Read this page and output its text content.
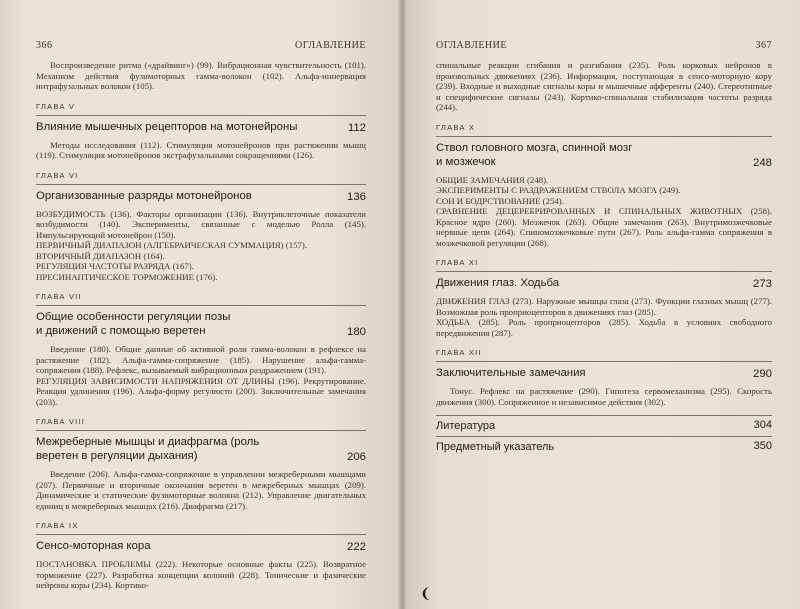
366	ОГЛАВЛЕНИЕ
Воспроизведение ритма («драйвинг») (99). Вибрационная чувствительность (101). Механизм действия фузимоторных гамма-волокон (102). Альфа-иннервация интрафузальных волокон (105).
ГЛАВА V
Влияние мышечных рецепторов на мотонейроны	112
Методы исследования (112). Стимуляция мотонейронов при растяжении мышц (119). Стимуляция мотонейронов экстрафузальными сокращениями (126).
ГЛАВА VI
Организованные разряды мотонейронов	136
ВОЗБУДИМОСТЬ (136). Факторы организации (136). Внутриклеточные показатели возбудимости (140). Эксперименты, связанные с моделью Ролла (145). Импульсирующий мотонейрон (150).
ПЕРВИЧНЫЙ ДИАПАЗОН (АЛГЕБРАИЧЕСКАЯ СУММАЦИЯ) (157).
ВТОРИЧНЫЙ ДИАПАЗОН (164).
РЕГУЛЯЦИЯ ЧАСТОТЫ РАЗРЯДА (167).
ПРЕСИНАПТИЧЕСКОЕ ТОРМОЖЕНИЕ (176).
ГЛАВА VII
Общие особенности регуляции позы
и движений с помощью веретен	180
Введение (180). Общие данные об активной роли гамма-волокон в рефлексе на растяжение (182). Альфа-гамма-сопряжение (185). Нарушение альфа-гамма-сопряжения (188). Рефлекс, вызываемый вибрационным раздражением (191).
РЕГУЛЯЦИЯ ЗАВИСИМОСТИ НАПРЯЖЕНИЯ ОТ ДЛИНЫ (196). Рекрутирование. Реакция удлинения (196). Альфа-форму регулюсто (200). Заключительные замечания (203).
ГЛАВА VIII
Межреберные мышцы и диафрагма (роль
веретен в регуляции дыхания)	206
Введение (206). Альфа-гамма-сопряжение в управлении межреберными мышцами (207). Первичные и вторичные окончания веретен в межреберных мышцах (209). Динамические и статические фузимоторные волокна (212). Управление двигательных единиц в межреберных мышцах (216). Диафрагма (217).
ГЛАВА IX
Сенсо-моторная кора	222
ПОСТАНОВКА ПРОБЛЕМЫ (222). Некоторые основные факты (225). Возвратное торможение (227). Разработка концепции колоний (228). Тонические и фазические нейроны коры (234). Кортико-
ОГЛАВЛЕНИЕ	367
спинальные реакции сгибания и разгибания (235). Роль корковых нейронов в произвольных движениях (236). Информация, поступающая в сенсо-моторную кору (239). Входные и выходные сигналы коры и мышечные афференты (240). Стереотипные и специфические сигналы (243). Кортико-спинальная стабилизация частоты разряда (244).
ГЛАВА X
Ствол головного мозга, спинной мозг
и мозжечок	248
ОБЩИЕ ЗАМЕЧАНИЯ (248).
ЭКСПЕРИМЕНТЫ С РАЗДРАЖЕНИЕМ СТВОЛА МОЗГА (249).
СОН И БОДРСТВОВАНИЕ (254).
СРАВНЕНИЕ ДЕЦЕРЕБРИРОВАННЫХ И СПИНАЛЬНЫХ ЖИВОТНЫХ (258). Красное ядро (260). Мозжечок (263). Общие замечания (263). Внутримозжечковые нервные цепи (264). Спиномозжечковые пути (267). Роль альфа-гамма сопряжения в мозжечковой регуляции (268).
ГЛАВА XI
Движения глаз. Ходьба	273
ДВИЖЕНИЯ ГЛАЗ (273). Наружные мышцы глаза (273). Функции глазных мышц (277). Возможная роль проприоцепторов в движениях глаз (285).
ХОДЬБА (285). Роль проприоцепторов (285). Ходьба в условиях свободного передвижения (287).
ГЛАВА XII
Заключительные замечания	290
Тонус. Рефлекс на растяжение (290). Гипотеза сервомеханизма (295). Скорость движения (300). Сопряженное и независимое действия (302).
Литература	304
Предметный указатель	350
❨
